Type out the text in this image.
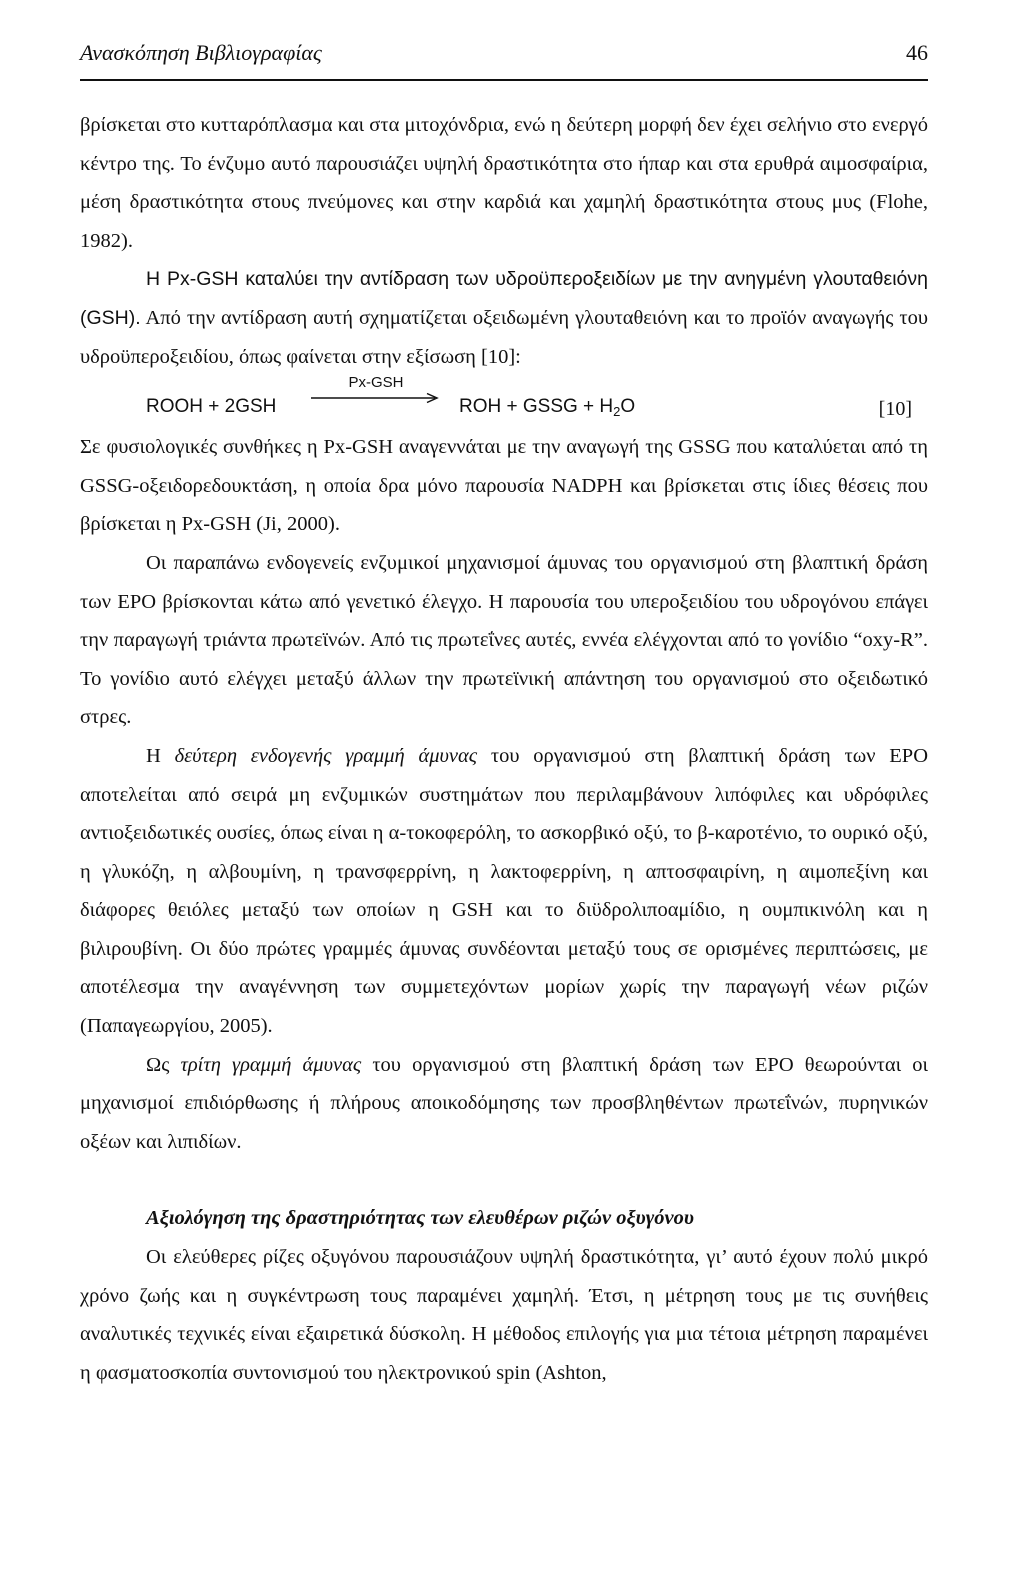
Ανασκόπηση Βιβλιογραφίας	46

βρίσκεται στο κυτταρόπλασμα και στα μιτοχόνδρια, ενώ η δεύτερη μορφή δεν έχει σελήνιο στο ενεργό κέντρο της. Το ένζυμο αυτό παρουσιάζει υψηλή δραστικότητα στο ήπαρ και στα ερυθρά αιμοσφαίρια, μέση δραστικότητα στους πνεύμονες και στην καρδιά και χαμηλή δραστικότητα στους μυς (Flohe, 1982).

Η Px-GSH καταλύει την αντίδραση των υδροϋπεροξειδίων με την ανηγμένη γλουταθειόνη (GSH). Από την αντίδραση αυτή σχηματίζεται οξειδωμένη γλουταθειόνη και το προϊόν αναγωγής του υδροϋπεροξειδίου, όπως φαίνεται στην εξίσωση [10]:

ROOH + 2GSH
Px-GSH
ROH + GSSG + $H_2O$	[10]

Σε φυσιολογικές συνθήκες η Px-GSH αναγεννάται με την αναγωγή της GSSG που καταλύεται από τη GSSG-οξειδορεδουκτάση, η οποία δρα μόνο παρουσία NADPH και βρίσκεται στις ίδιες θέσεις που βρίσκεται η Px-GSH (Ji, 2000).

Οι παραπάνω ενδογενείς ενζυμικοί μηχανισμοί άμυνας του οργανισμού στη βλαπτική δράση των ΕΡΟ βρίσκονται κάτω από γενετικό έλεγχο. Η παρουσία του υπεροξειδίου του υδρογόνου επάγει την παραγωγή τριάντα πρωτεϊνών. Από τις πρωτεΐνες αυτές, εννέα ελέγχονται από το γονίδιο “oxy-R”. Το γονίδιο αυτό ελέγχει μεταξύ άλλων την πρωτεϊνική απάντηση του οργανισμού στο οξειδωτικό στρες.

Η δεύτερη ενδογενής γραμμή άμυνας του οργανισμού στη βλαπτική δράση των ΕΡΟ αποτελείται από σειρά μη ενζυμικών συστημάτων που περιλαμβάνουν λιπόφιλες και υδρόφιλες αντιοξειδωτικές ουσίες, όπως είναι η α-τοκοφερόλη, το ασκορβικό οξύ, το β-καροτένιο, το ουρικό οξύ, η γλυκόζη, η αλβουμίνη, η τρανσφερρίνη, η λακτοφερρίνη, η απτοσφαιρίνη, η αιμοπεξίνη και διάφορες θειόλες μεταξύ των οποίων η GSH και το διϋδρολιποαμίδιο, η ουμπικινόλη και η βιλιρουβίνη. Οι δύο πρώτες γραμμές άμυνας συνδέονται μεταξύ τους σε ορισμένες περιπτώσεις, με αποτέλεσμα την αναγέννηση των συμμετεχόντων μορίων χωρίς την παραγωγή νέων ριζών (Παπαγεωργίου, 2005).

Ως τρίτη γραμμή άμυνας του οργανισμού στη βλαπτική δράση των ΕΡΟ θεωρούνται οι μηχανισμοί επιδιόρθωσης ή πλήρους αποικοδόμησης των προσβληθέντων πρωτεΐνών, πυρηνικών οξέων και λιπιδίων.

Αξιολόγηση της δραστηριότητας των ελευθέρων ριζών οξυγόνου

Οι ελεύθερες ρίζες οξυγόνου παρουσιάζουν υψηλή δραστικότητα, γι’ αυτό έχουν πολύ μικρό χρόνο ζωής και η συγκέντρωση τους παραμένει χαμηλή. Έτσι, η μέτρηση τους με τις συνήθεις αναλυτικές τεχνικές είναι εξαιρετικά δύσκολη. Η μέθοδος επιλογής για μια τέτοια μέτρηση παραμένει η φασματοσκοπία συντονισμού του ηλεκτρονικού spin (Ashton,
